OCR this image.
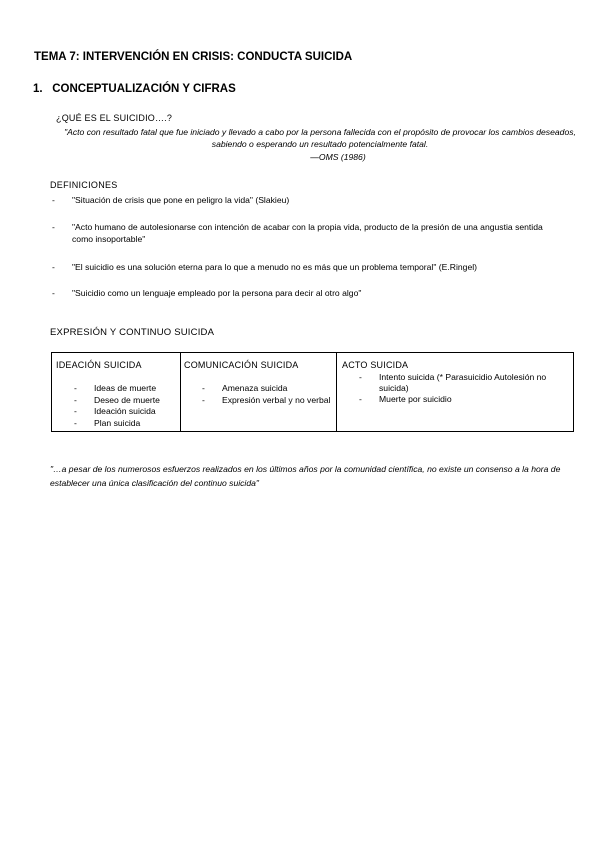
TEMA 7: INTERVENCIÓN EN CRISIS: CONDUCTA SUICIDA
1. CONCEPTUALIZACIÓN Y CIFRAS
¿QUÉ ES EL SUICIDIO….?
"Acto con resultado fatal que fue iniciado y llevado a cabo por la persona fallecida con el propósito de provocar los cambios deseados, sabiendo o esperando un resultado potencialmente fatal.
—OMS (1986)
DEFINICIONES
- "Situación de crisis que pone en peligro la vida" (Slakieu)
- "Acto humano de autolesionarse con intención de acabar con la propia vida, producto de la presión de una angustia sentida como insoportable"
- "El suicidio es una solución eterna para lo que a menudo no es más que un problema temporal" (E.Ringel)
- "Suicidio como un lenguaje empleado por la persona para decir al otro algo"
EXPRESIÓN Y CONTINUO SUICIDA
IDEACIÓN SUICIDA
- Ideas de muerte
- Deseo de muerte
- Ideación suicida
- Plan suicida
COMUNICACIÓN SUICIDA
- Amenaza suicida
- Expresión verbal y no verbal
ACTO SUICIDA
- Intento suicida (* Parasuicidio Autolesión no suicida)
- Muerte por suicidio
"…a pesar de los numerosos esfuerzos realizados en los últimos años por la comunidad científica, no existe un consenso a la hora de establecer una única clasificación del continuo suicida"
